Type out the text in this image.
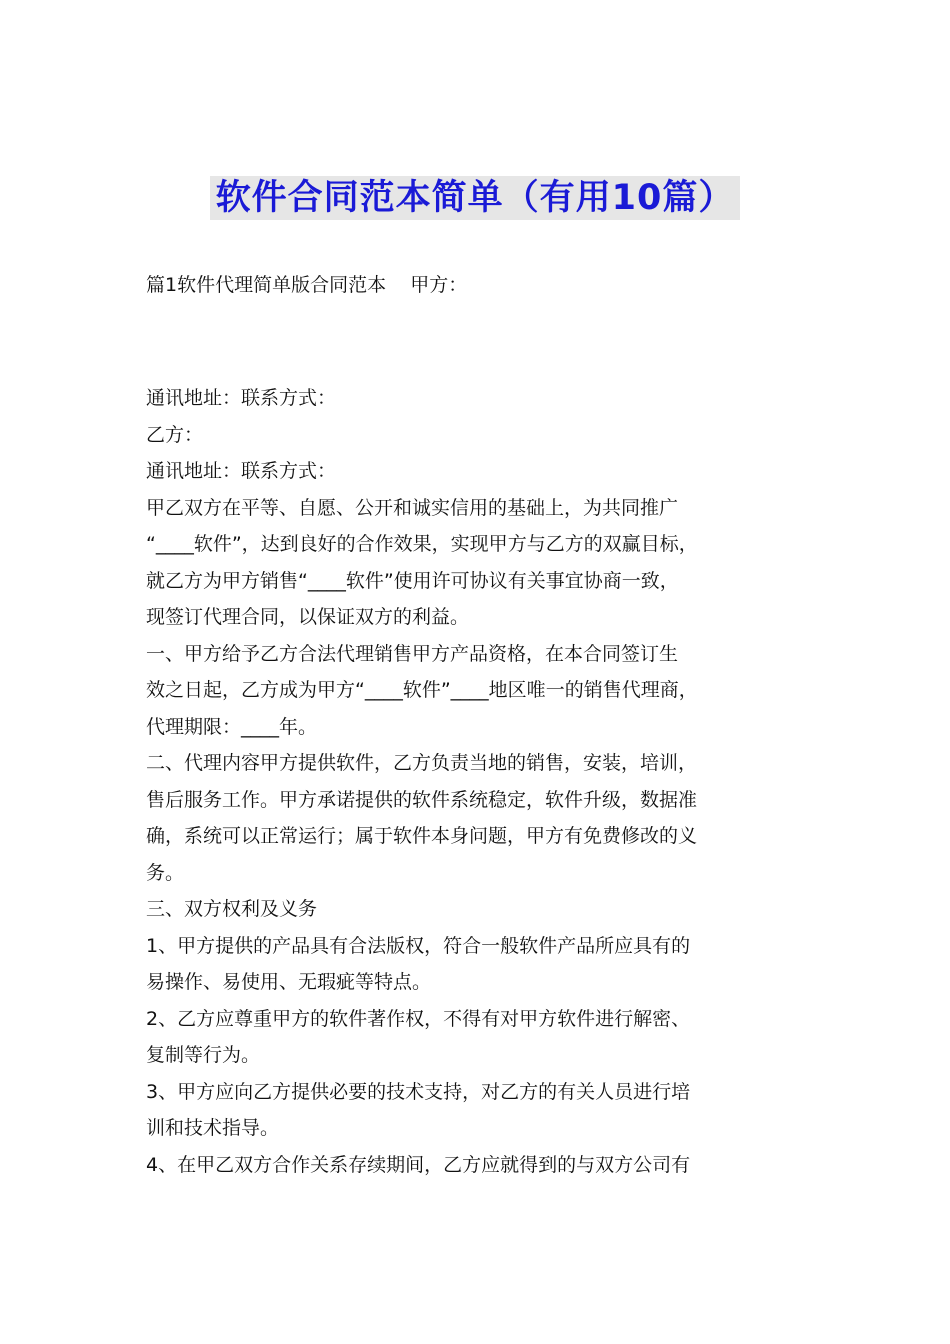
软件合同范本简单（有用10篇）
篇1软件代理简单版合同范本    甲方：

通讯地址：联系方式：

乙方：

通讯地址：联系方式：

甲乙双方在平等、自愿、公开和诚实信用的基础上，为共同推广
“____软件”，达到良好的合作效果，实现甲方与乙方的双赢目标，
就乙方为甲方销售“____软件”使用许可协议有关事宜协商一致，
现签订代理合同，以保证双方的利益。

一、甲方给予乙方合法代理销售甲方产品资格，在本合同签订生
效之日起，乙方成为甲方“____软件”____地区唯一的销售代理商，
代理期限：____年。

二、代理内容甲方提供软件，乙方负责当地的销售，安装，培训，
售后服务工作。甲方承诺提供的软件系统稳定，软件升级，数据准
确，系统可以正常运行；属于软件本身问题，甲方有免费修改的义
务。

三、双方权利及义务

1、甲方提供的产品具有合法版权，符合一般软件产品所应具有的
易操作、易使用、无瑕疵等特点。

2、乙方应尊重甲方的软件著作权，不得有对甲方软件进行解密、
复制等行为。

3、甲方应向乙方提供必要的技术支持，对乙方的有关人员进行培
训和技术指导。

4、在甲乙双方合作关系存续期间，乙方应就得到的与双方公司有
